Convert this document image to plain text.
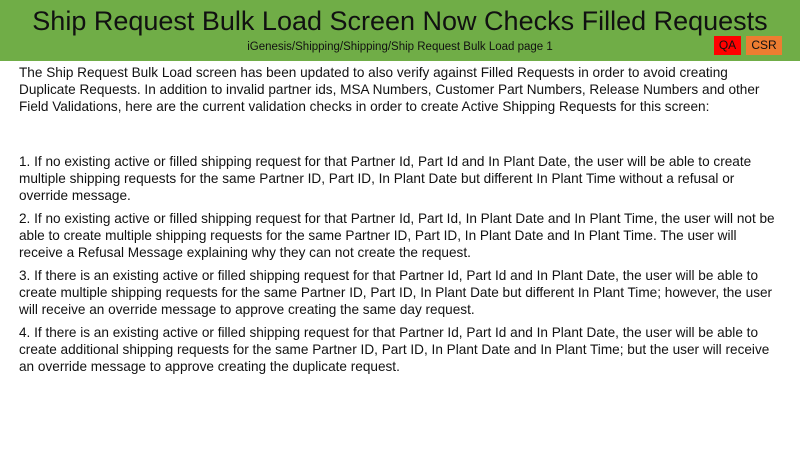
Ship Request Bulk Load Screen Now Checks Filled Requests
iGenesis/Shipping/Shipping/Ship Request Bulk Load page 1	QA	CSR

The Ship Request Bulk Load screen has been updated to also verify against Filled Requests in order to avoid creating Duplicate Requests. In addition to invalid partner ids, MSA Numbers, Customer Part Numbers, Release Numbers and other Field Validations, here are the current validation checks in order to create Active Shipping Requests for this screen:

1. If no existing active or filled shipping request for that Partner Id, Part Id and In Plant Date, the user will be able to create multiple shipping requests for the same Partner ID, Part ID, In Plant Date but different In Plant Time without a refusal or override message.

2. If no existing active or filled shipping request for that Partner Id, Part Id, In Plant Date and In Plant Time, the user will not be able to create multiple shipping requests for the same Partner ID, Part ID, In Plant Date and In Plant Time. The user will receive a Refusal Message explaining why they can not create the request.

3. If there is an existing active or filled shipping request for that Partner Id, Part Id and In Plant Date, the user will be able to create multiple shipping requests for the same Partner ID, Part ID, In Plant Date but different In Plant Time; however, the user will receive an override message to approve creating the same day request.

4. If there is an existing active or filled shipping request for that Partner Id, Part Id and In Plant Date, the user will be able to create additional shipping requests for the same Partner ID, Part ID, In Plant Date and In Plant Time; but the user will receive an override message to approve creating the duplicate request.
